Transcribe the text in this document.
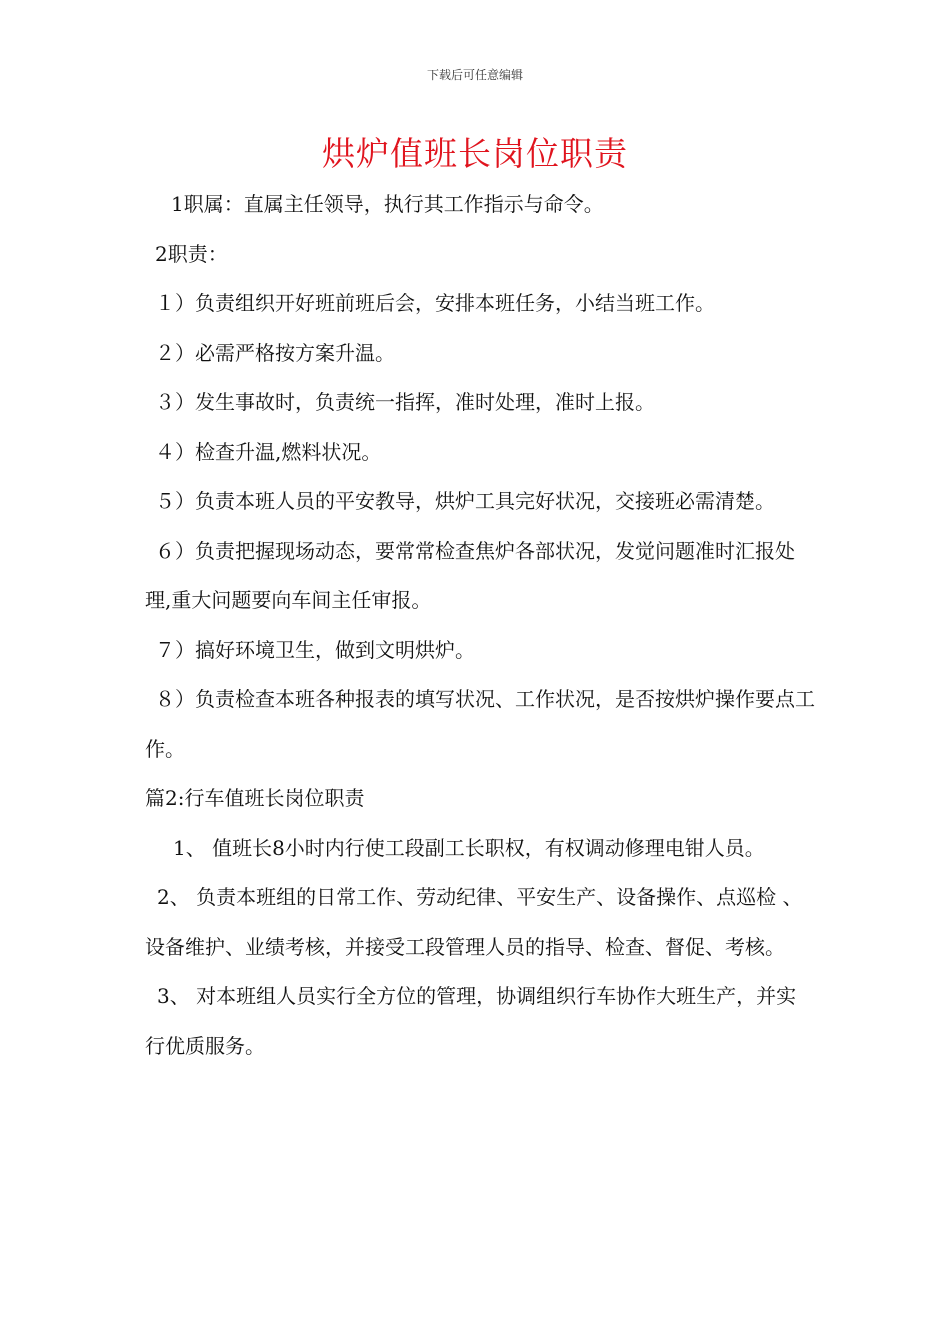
下载后可任意编辑
烘炉值班长岗位职责

1职属：直属主任领导，执行其工作指示与命令。

2职责：

１）负责组织开好班前班后会，安排本班任务，小结当班工作。

２）必需严格按方案升温。

３）发生事故时，负责统一指挥，准时处理，准时上报。

４）检查升温,燃料状况。

５）负责本班人员的平安教导，烘炉工具完好状况，交接班必需清楚。

６）负责把握现场动态，要常常检查焦炉各部状况，发觉问题准时汇报处理,重大问题要向车间主任审报。

７）搞好环境卫生，做到文明烘炉。

８）负责检查本班各种报表的填写状况、工作状况，是否按烘炉操作要点工作。

篇2:行车值班长岗位职责

1、 值班长8小时内行使工段副工长职权，有权调动修理电钳人员。

2、 负责本班组的日常工作、劳动纪律、平安生产、设备操作、点巡检 、设备维护、业绩考核，并接受工段管理人员的指导、检查、督促、考核。

3、 对本班组人员实行全方位的管理，协调组织行车协作大班生产，并实行优质服务。
